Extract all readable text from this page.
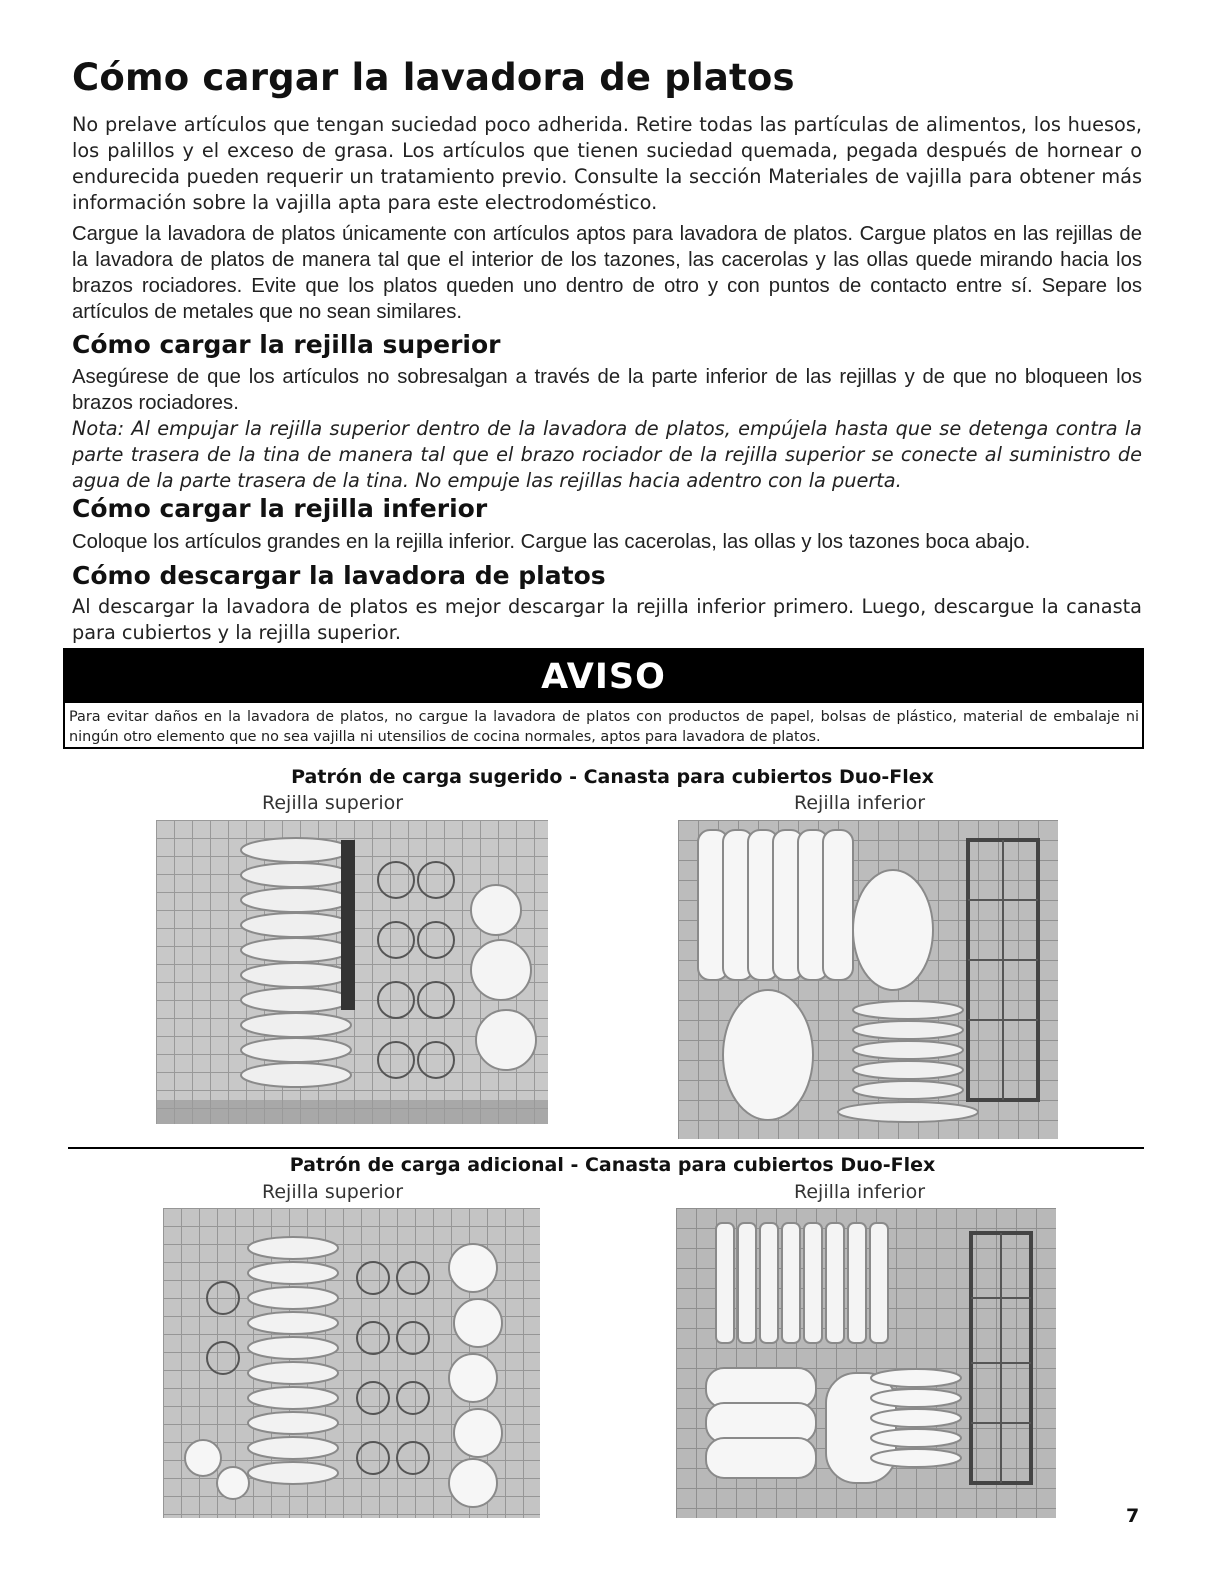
Cómo cargar la lavadora de platos

No prelave artículos que tengan suciedad poco adherida. Retire todas las partículas de alimentos, los huesos, los palillos y el exceso de grasa. Los artículos que tienen suciedad quemada, pegada después de hornear o endurecida pueden requerir un tratamiento previo. Consulte la sección Materiales de vajilla para obtener más información sobre la vajilla apta para este electrodoméstico.

Cargue la lavadora de platos únicamente con artículos aptos para lavadora de platos. Cargue platos en las rejillas de la lavadora de platos de manera tal que el interior de los tazones, las cacerolas y las ollas quede mirando hacia los brazos rociadores. Evite que los platos queden uno dentro de otro y con puntos de contacto entre sí. Separe los artículos de metales que no sean similares.

Cómo cargar la rejilla superior

Asegúrese de que los artículos no sobresalgan a través de la parte inferior de las rejillas y de que no bloqueen los brazos rociadores.

Nota: Al empujar la rejilla superior dentro de la lavadora de platos, empújela hasta que se detenga contra la parte trasera de la tina de manera tal que el brazo rociador de la rejilla superior se conecte al suministro de agua de la parte trasera de la tina. No empuje las rejillas hacia adentro con la puerta.

Cómo cargar la rejilla inferior

Coloque los artículos grandes en la rejilla inferior. Cargue las cacerolas, las ollas y los tazones boca abajo.

Cómo descargar la lavadora de platos

Al descargar la lavadora de platos es mejor descargar la rejilla inferior primero. Luego, descargue la canasta para cubiertos y la rejilla superior.

AVISO
Para evitar daños en la lavadora de platos, no cargue la lavadora de platos con productos de papel, bolsas de plástico, material de embalaje ni ningún otro elemento que no sea vajilla ni utensilios de cocina normales, aptos para lavadora de platos.

Patrón de carga sugerido - Canasta para cubiertos Duo-Flex

Rejilla superior	Rejilla inferior

Patrón de carga adicional - Canasta para cubiertos Duo-Flex

Rejilla superior	Rejilla inferior
7
